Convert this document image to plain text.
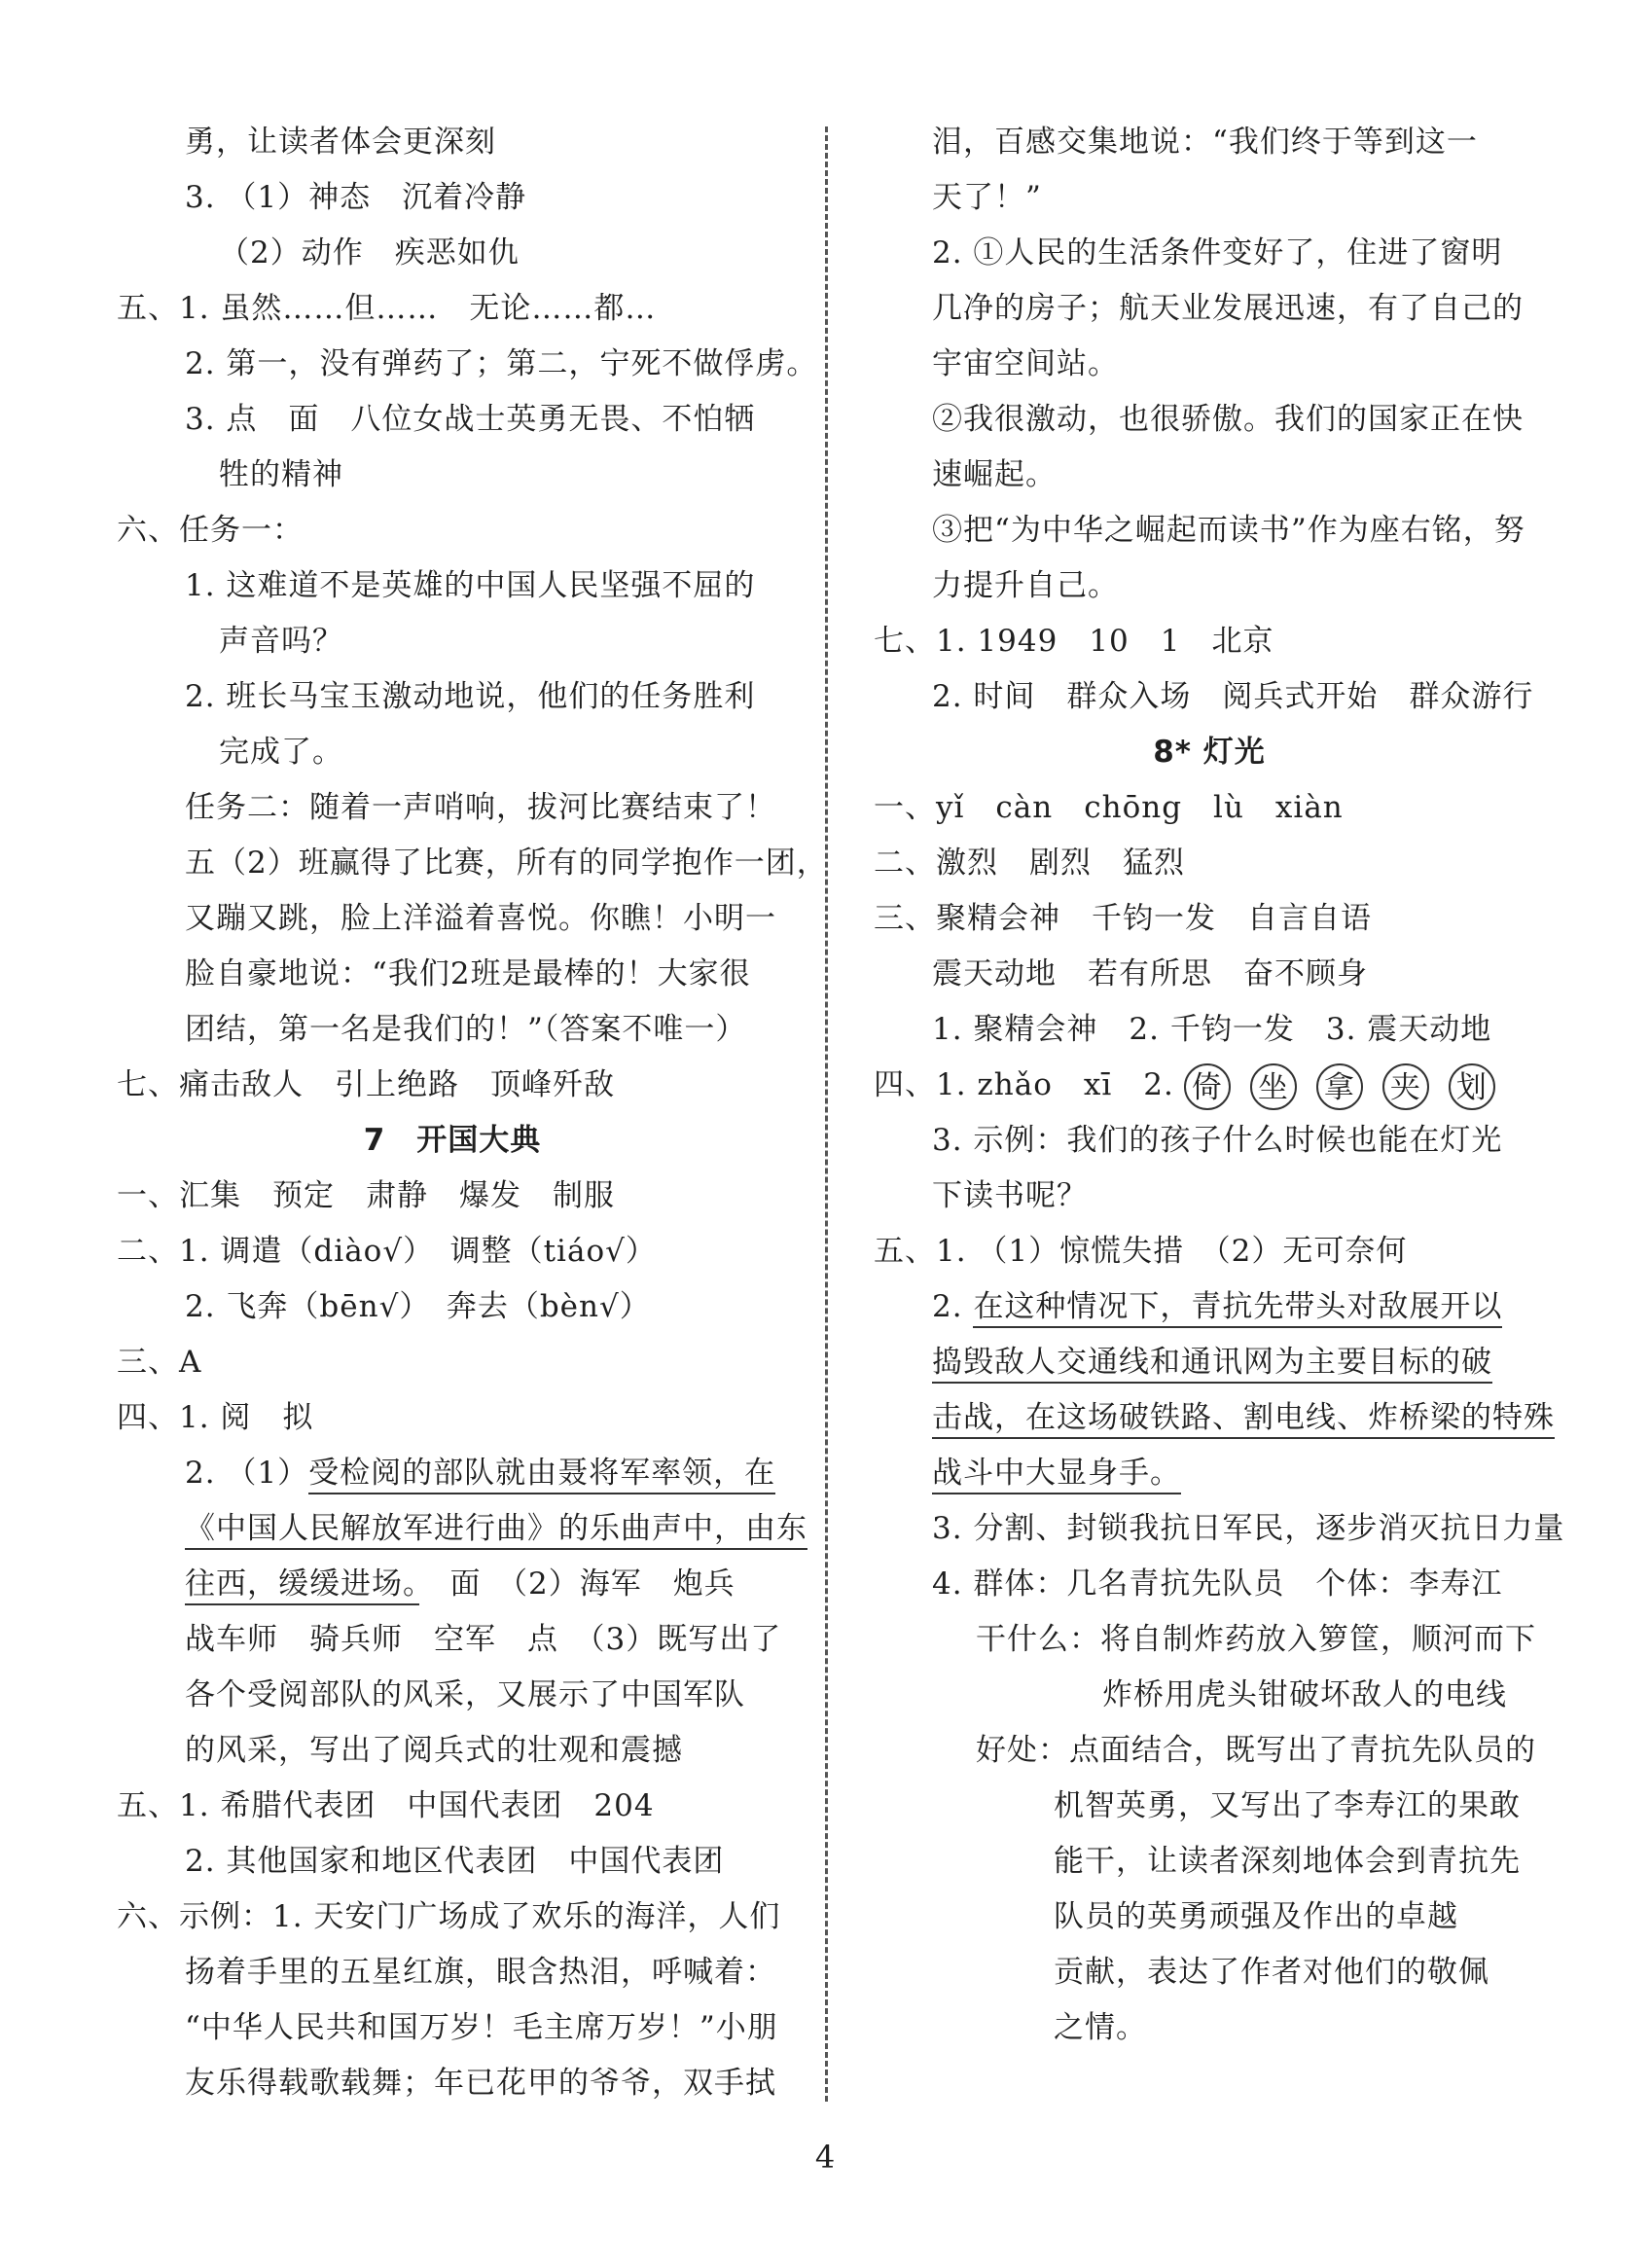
勇，让读者体会更深刻
3. （1）神态　沉着冷静
（2）动作　疾恶如仇
五、1. 虽然……但……　无论……都…
2. 第一，没有弹药了；第二，宁死不做俘虏。
3. 点　面　八位女战士英勇无畏、不怕牺
牲的精神
六、任务一：
1. 这难道不是英雄的中国人民坚强不屈的
声音吗？
2. 班长马宝玉激动地说，他们的任务胜利
完成了。
任务二：随着一声哨响，拔河比赛结束了！
五（2）班赢得了比赛，所有的同学抱作一团，
又蹦又跳，脸上洋溢着喜悦。你瞧！小明一
脸自豪地说：“我们2班是最棒的！大家很
团结，第一名是我们的！”（答案不唯一）
七、痛击敌人　引上绝路　顶峰歼敌
7　开国大典
一、汇集　预定　肃静　爆发　制服
二、1. 调遣（diào√）　调整（tiáo√）
2. 飞奔（bēn√）　奔去（bèn√）
三、A
四、1. 阅　拟
2. （1）受检阅的部队就由聂将军率领，在
《中国人民解放军进行曲》的乐曲声中，由东
往西，缓缓进场。　面　（2）海军　炮兵
战车师　骑兵师　空军　点　（3）既写出了
各个受阅部队的风采，又展示了中国军队
的风采，写出了阅兵式的壮观和震撼
五、1. 希腊代表团　中国代表团　204
2. 其他国家和地区代表团　中国代表团
六、示例：1. 天安门广场成了欢乐的海洋，人们
扬着手里的五星红旗，眼含热泪，呼喊着：
“中华人民共和国万岁！毛主席万岁！”小朋
友乐得载歌载舞；年已花甲的爷爷，双手拭
泪，百感交集地说：“我们终于等到这一
天了！”
2. ①人民的生活条件变好了，住进了窗明
几净的房子；航天业发展迅速，有了自己的
宇宙空间站。
②我很激动，也很骄傲。我们的国家正在快
速崛起。
③把“为中华之崛起而读书”作为座右铭，努
力提升自己。
七、1. 1949　10　1　北京
2. 时间　群众入场　阅兵式开始　群众游行
8* 灯光
一、yǐ　càn　chōng　lù　xiàn
二、激烈　剧烈　猛烈
三、聚精会神　千钧一发　自言自语
震天动地　若有所思　奋不顾身
1. 聚精会神　2. 千钧一发　3. 震天动地
四、1. zhǎo　xī　2. 倚 坐 拿 夹 划
3. 示例：我们的孩子什么时候也能在灯光
下读书呢？
五、1. （1）惊慌失措　（2）无可奈何
2. 在这种情况下，青抗先带头对敌展开以
捣毁敌人交通线和通讯网为主要目标的破
击战，在这场破铁路、割电线、炸桥梁的特殊
战斗中大显身手。
3. 分割、封锁我抗日军民，逐步消灭抗日力量
4. 群体：几名青抗先队员　个体：李寿江
干什么：将自制炸药放入箩筐，顺河而下
炸桥用虎头钳破坏敌人的电线
好处：点面结合，既写出了青抗先队员的
机智英勇，又写出了李寿江的果敢
能干，让读者深刻地体会到青抗先
队员的英勇顽强及作出的卓越
贡献，表达了作者对他们的敬佩
之情。
4
